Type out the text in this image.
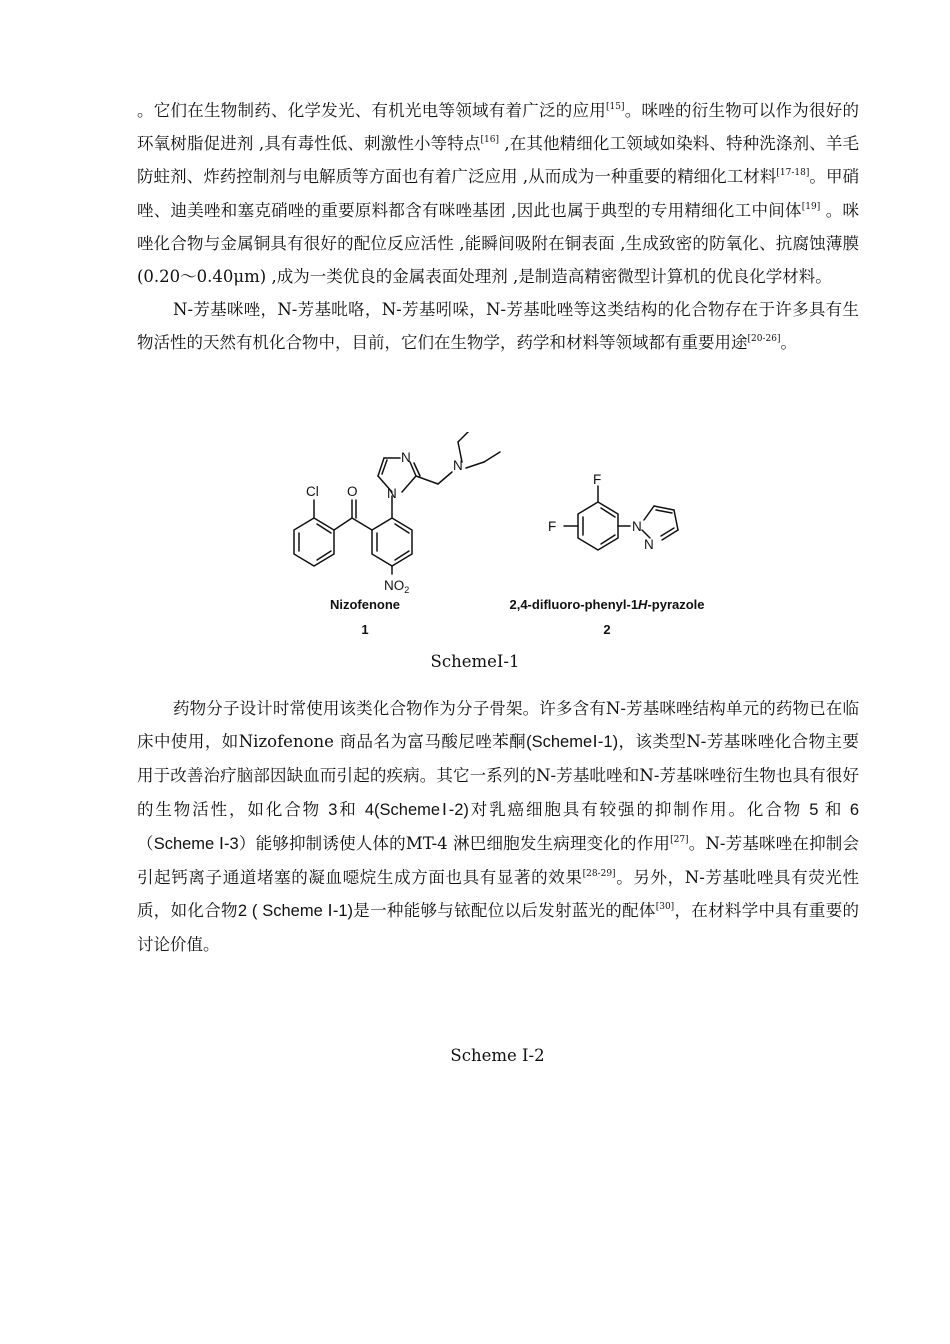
。它们在生物制药、化学发光、有机光电等领域有着广泛的应用[15]。咪唑的衍生物可以作为很好的环氧树脂促进剂 ,具有毒性低、刺激性小等特点[16] ,在其他精细化工领域如染料、特种洗涤剂、羊毛防蛀剂、炸药控制剂与电解质等方面也有着广泛应用 ,从而成为一种重要的精细化工材料[17-18]。甲硝唑、迪美唑和塞克硝唑的重要原料都含有咪唑基团 ,因此也属于典型的专用精细化工中间体[19] 。咪唑化合物与金属铜具有很好的配位反应活性 ,能瞬间吸附在铜表面 ,生成致密的防氧化、抗腐蚀薄膜(0.20～0.40μm) ,成为一类优良的金属表面处理剂 ,是制造高精密微型计算机的优良化学材料。

N-芳基咪唑，N-芳基吡咯，N-芳基吲哚，N-芳基吡唑等这类结构的化合物存在于许多具有生物活性的天然有机化合物中，目前，它们在生物学，药学和材料等领域都有重要用途[20-26]。

Cl O N
N
N
$NO_2$
F
F	N
N
Nizofenone
1
2,4-difluoro-phenyl-1H-pyrazole
2
SchemeⅠ-1

药物分子设计时常使用该类化合物作为分子骨架。许多含有N-芳基咪唑结构单元的药物已在临床中使用，如Nizofenone 商品名为富马酸尼唑苯酮(SchemeⅠ-1)，该类型N-芳基咪唑化合物主要用于改善治疗脑部因缺血而引起的疾病。其它一系列的N-芳基吡唑和N-芳基咪唑衍生物也具有很好的生物活性，如化合物 3和 4(SchemeⅠ-2)对乳癌细胞具有较强的抑制作用。化合物 5 和 6（Scheme Ⅰ-3）能够抑制诱使人体的MT-4 淋巴细胞发生病理变化的作用[27]。N-芳基咪唑在抑制会引起钙离子通道堵塞的凝血噁烷生成方面也具有显著的效果[28-29]。另外，N-芳基吡唑具有荧光性质，如化合物2 ( Scheme Ⅰ-1)是一种能够与铱配位以后发射蓝光的配体[30]，在材料学中具有重要的讨论价值。

Scheme Ⅰ-2
